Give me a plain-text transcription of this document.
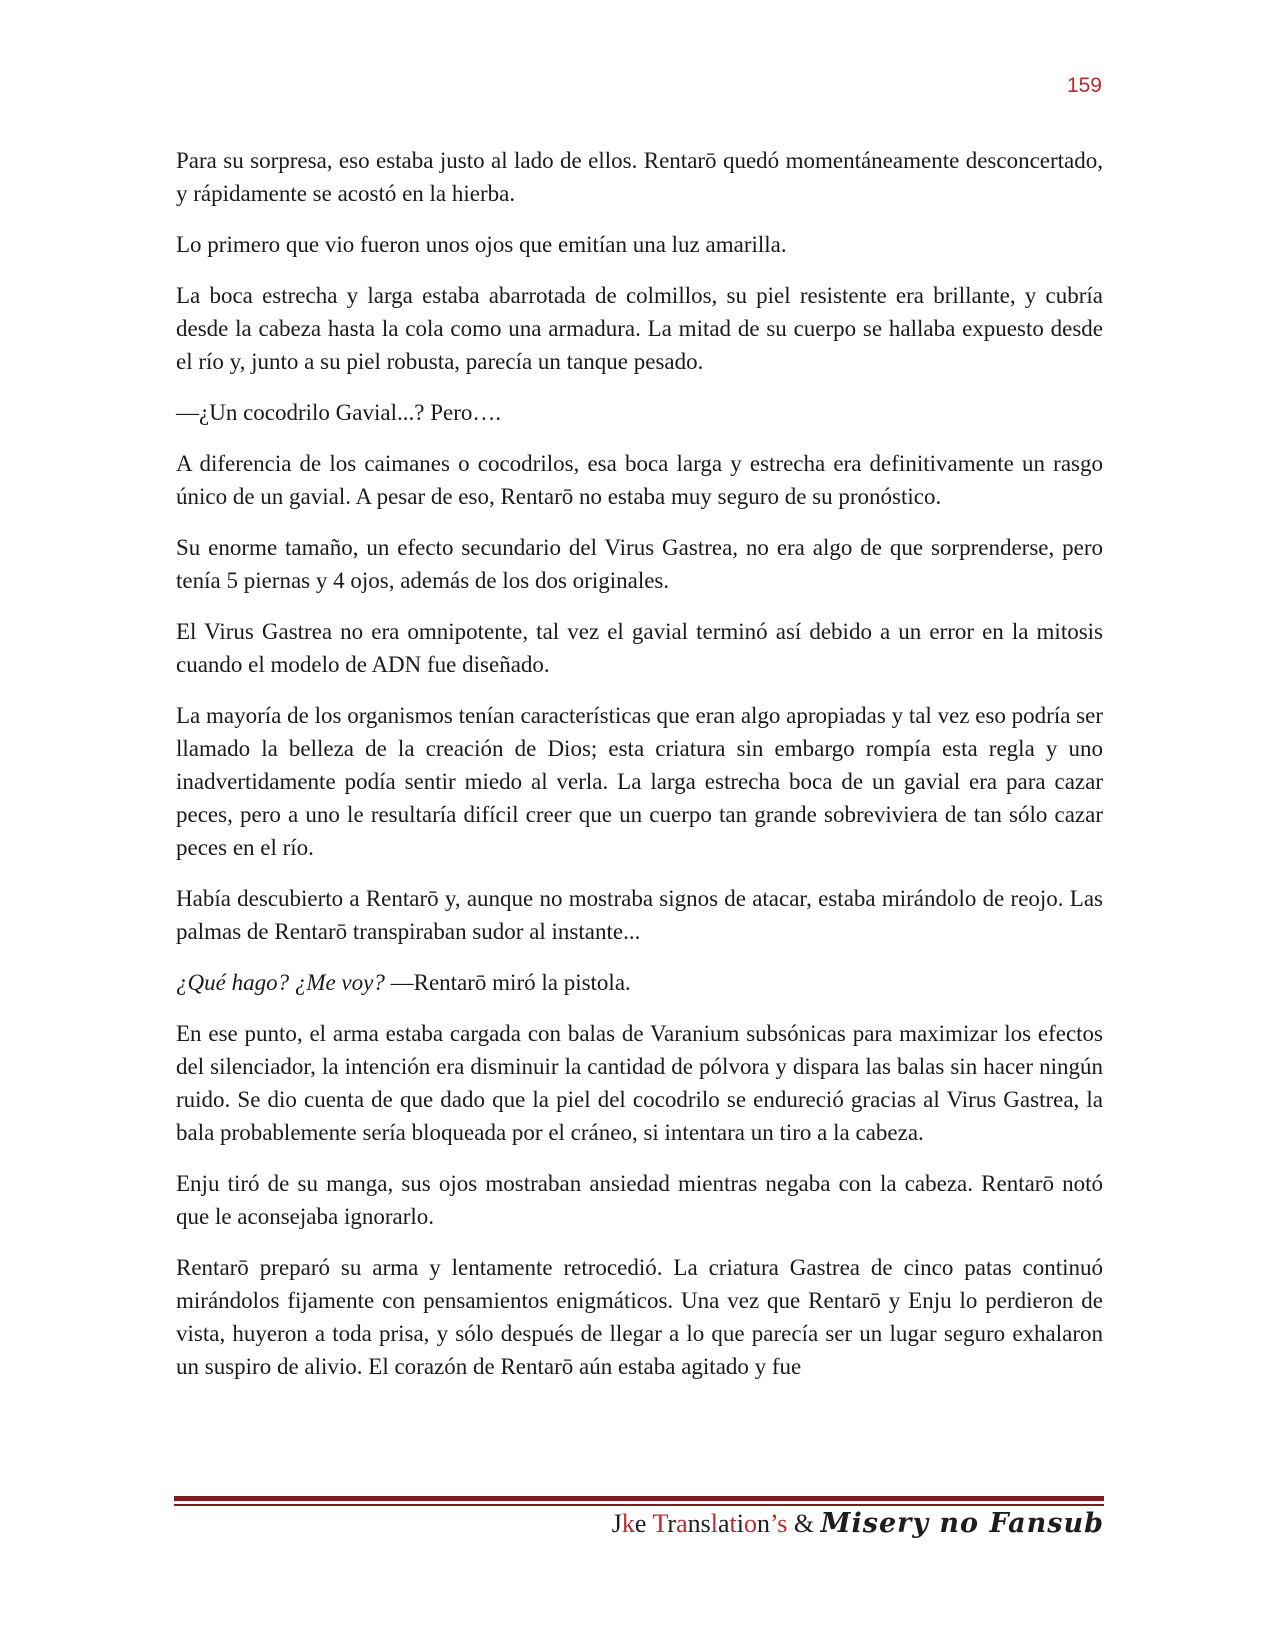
159

Para su sorpresa, eso estaba justo al lado de ellos. Rentarō quedó momentáneamente desconcertado, y rápidamente se acostó en la hierba.

Lo primero que vio fueron unos ojos que emitían una luz amarilla.

La boca estrecha y larga estaba abarrotada de colmillos, su piel resistente era brillante, y cubría desde la cabeza hasta la cola como una armadura. La mitad de su cuerpo se hallaba expuesto desde el río y, junto a su piel robusta, parecía un tanque pesado.

—¿Un cocodrilo Gavial...? Pero….

A diferencia de los caimanes o cocodrilos, esa boca larga y estrecha era definitivamente un rasgo único de un gavial. A pesar de eso, Rentarō no estaba muy seguro de su pronóstico.

Su enorme tamaño, un efecto secundario del Virus Gastrea, no era algo de que sorprenderse, pero tenía 5 piernas y 4 ojos, además de los dos originales.

El Virus Gastrea no era omnipotente, tal vez el gavial terminó así debido a un error en la mitosis cuando el modelo de ADN fue diseñado.

La mayoría de los organismos tenían características que eran algo apropiadas y tal vez eso podría ser llamado la belleza de la creación de Dios; esta criatura sin embargo rompía esta regla y uno inadvertidamente podía sentir miedo al verla. La larga estrecha boca de un gavial era para cazar peces, pero a uno le resultaría difícil creer que un cuerpo tan grande sobreviviera de tan sólo cazar peces en el río.

Había descubierto a Rentarō y, aunque no mostraba signos de atacar, estaba mirándolo de reojo. Las palmas de Rentarō transpiraban sudor al instante...

¿Qué hago? ¿Me voy? —Rentarō miró la pistola.

En ese punto, el arma estaba cargada con balas de Varanium subsónicas para maximizar los efectos del silenciador, la intención era disminuir la cantidad de pólvora y dispara las balas sin hacer ningún ruido. Se dio cuenta de que dado que la piel del cocodrilo se endureció gracias al Virus Gastrea, la bala probablemente sería bloqueada por el cráneo, si intentara un tiro a la cabeza.

Enju tiró de su manga, sus ojos mostraban ansiedad mientras negaba con la cabeza. Rentarō notó que le aconsejaba ignorarlo.

Rentarō preparó su arma y lentamente retrocedió. La criatura Gastrea de cinco patas continuó mirándolos fijamente con pensamientos enigmáticos. Una vez que Rentarō y Enju lo perdieron de vista, huyeron a toda prisa, y sólo después de llegar a lo que parecía ser un lugar seguro exhalaron un suspiro de alivio. El corazón de Rentarō aún estaba agitado y fue

Jke Translation’s & Misery no Fansub
